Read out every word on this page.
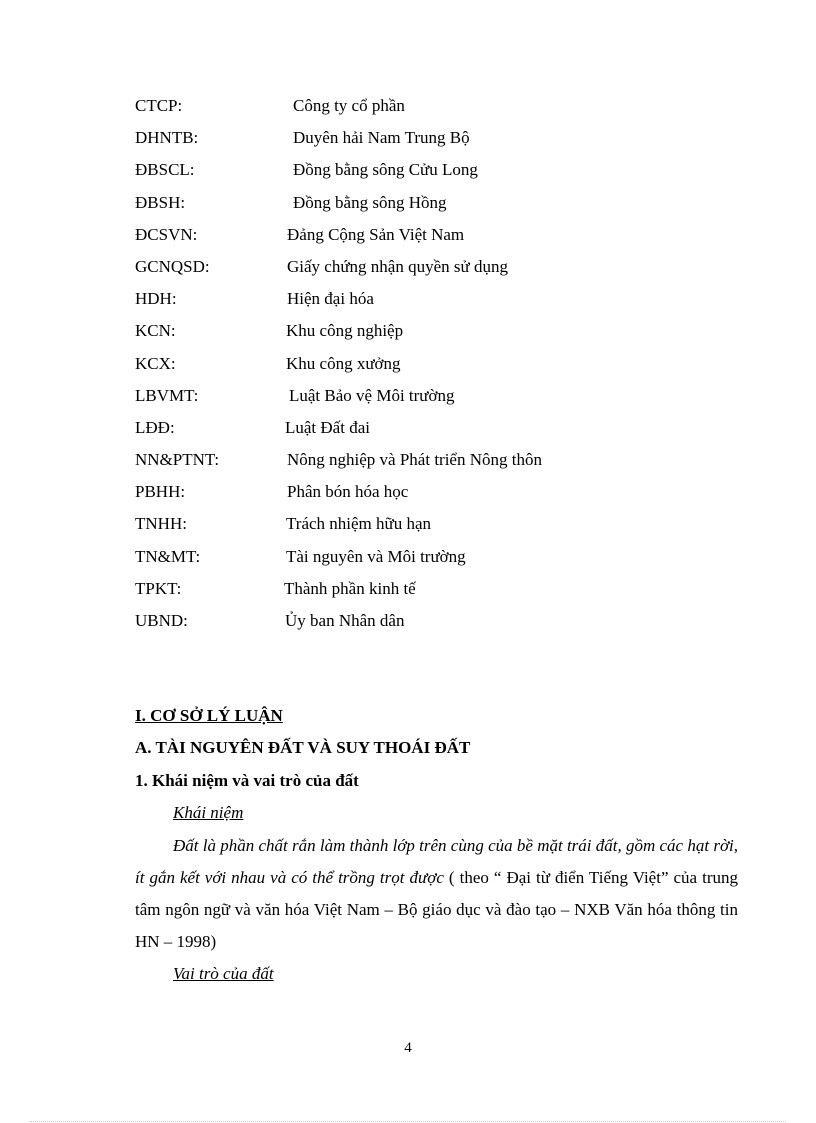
CTCP:	Công ty cổ phần
DHNTB:	Duyên hải Nam Trung Bộ
ĐBSCL:	Đồng bằng sông Cửu Long
ĐBSH:	Đồng bằng sông Hồng
ĐCSVN:	Đảng Cộng Sản Việt Nam
GCNQSD:	Giấy chứng nhận quyền sử dụng
HDH:	Hiện đại hóa
KCN:	Khu công nghiệp
KCX:	Khu công xưởng
LBVMT:	Luật Bảo vệ Môi trường
LĐĐ:	Luật Đất đai
NN&PTNT:	Nông nghiệp và Phát triển Nông thôn
PBHH:	Phân bón hóa học
TNHH:	Trách nhiệm hữu hạn
TN&MT:	Tài nguyên và Môi trường
TPKT:	Thành phần kinh tế
UBND:	Ủy ban Nhân dân
I. CƠ SỞ LÝ LUẬN
A. TÀI NGUYÊN ĐẤT VÀ SUY THOÁI ĐẤT
1. Khái niệm và vai trò của đất
Khái niệm
Đất là phần chất rắn làm thành lớp trên cùng của bề mặt trái đất, gồm các hạt rời, ít gắn kết với nhau và có thể trồng trọt được ( theo “ Đại từ điển Tiếng Việt” của trung tâm ngôn ngữ và văn hóa Việt Nam – Bộ giáo dục và đào tạo – NXB Văn hóa thông tin HN – 1998)
Vai trò của đất
4
